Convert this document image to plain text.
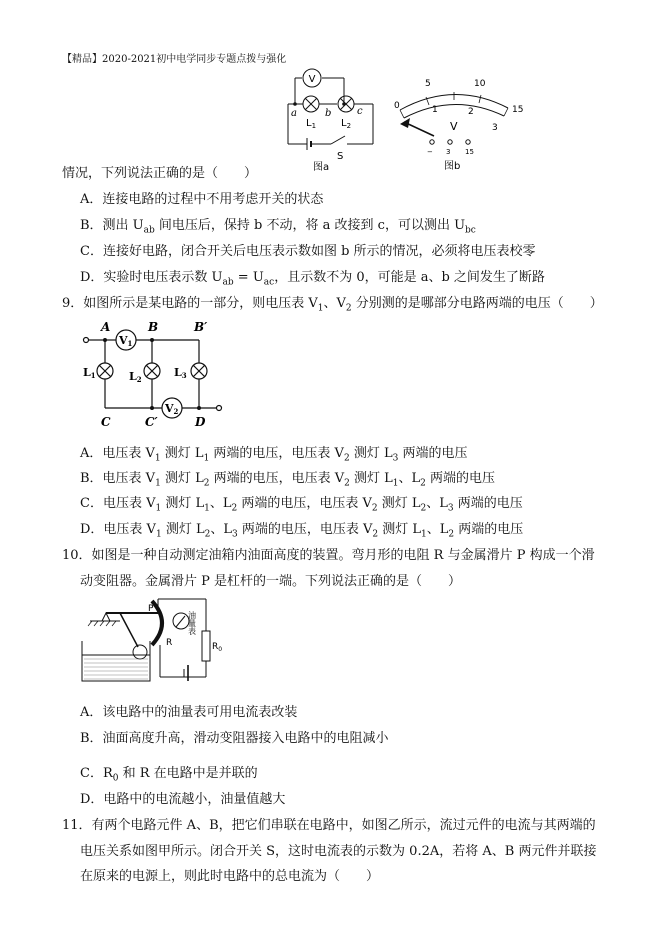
【精品】2020-2021初中电学同步专题点拨与强化
V
a	b	c
$L_1$ $L_2$
S
图a
0
5	10
15
1	2
3
V
− 3 15
图b
情况，下列说法正确的是（　　）
A．连接电路的过程中不用考虑开关的状态
B．测出 $U_{ab}$ 间电压后，保持 b 不动，将 a 改接到 c，可以测出 $U_{bc}$
C．连接好电路，闭合开关后电压表示数如图 b 所示的情况，必须将电压表校零
D．实验时电压表示数 $U_{ab} = U_{ac}$，且示数不为 0，可能是 a、b 之间发生了断路
9．如图所示是某电路的一部分，则电压表 $V_1$、$V_2$ 分别测的是哪部分电路两端的电压（　　）
A	B	B′
C	C′	D
V1
V2
L1	L2
L3
A．电压表 $V_1$ 测灯 $L_1$ 两端的电压，电压表 $V_2$ 测灯 $L_3$ 两端的电压
B．电压表 $V_1$ 测灯 $L_2$ 两端的电压，电压表 $V_2$ 测灯 $L_1$、$L_2$ 两端的电压
C．电压表 $V_1$ 测灯 $L_1$、$L_2$ 两端的电压，电压表 $V_2$ 测灯 $L_2$、$L_3$ 两端的电压
D．电压表 $V_1$ 测灯 $L_2$、$L_3$ 两端的电压，电压表 $V_2$ 测灯 $L_1$、$L_2$ 两端的电压
10．如图是一种自动测定油箱内油面高度的装置。弯月形的电阻 R 与金属滑片 P 构成一个滑
动变阻器。金属滑片 P 是杠杆的一端。下列说法正确的是（　　）
P
R	$R_0$
油量表
A．该电路中的油量表可用电流表改装
B．油面高度升高，滑动变阻器接入电路中的电阻减小
C．$R_0$ 和 R 在电路中是并联的
D．电路中的电流越小，油量值越大
11．有两个电路元件 A、B，把它们串联在电路中，如图乙所示，流过元件的电流与其两端的
电压关系如图甲所示。闭合开关 S，这时电流表的示数为 0.2A，若将 A、B 两元件并联接
在原来的电源上，则此时电路中的总电流为（　　）
